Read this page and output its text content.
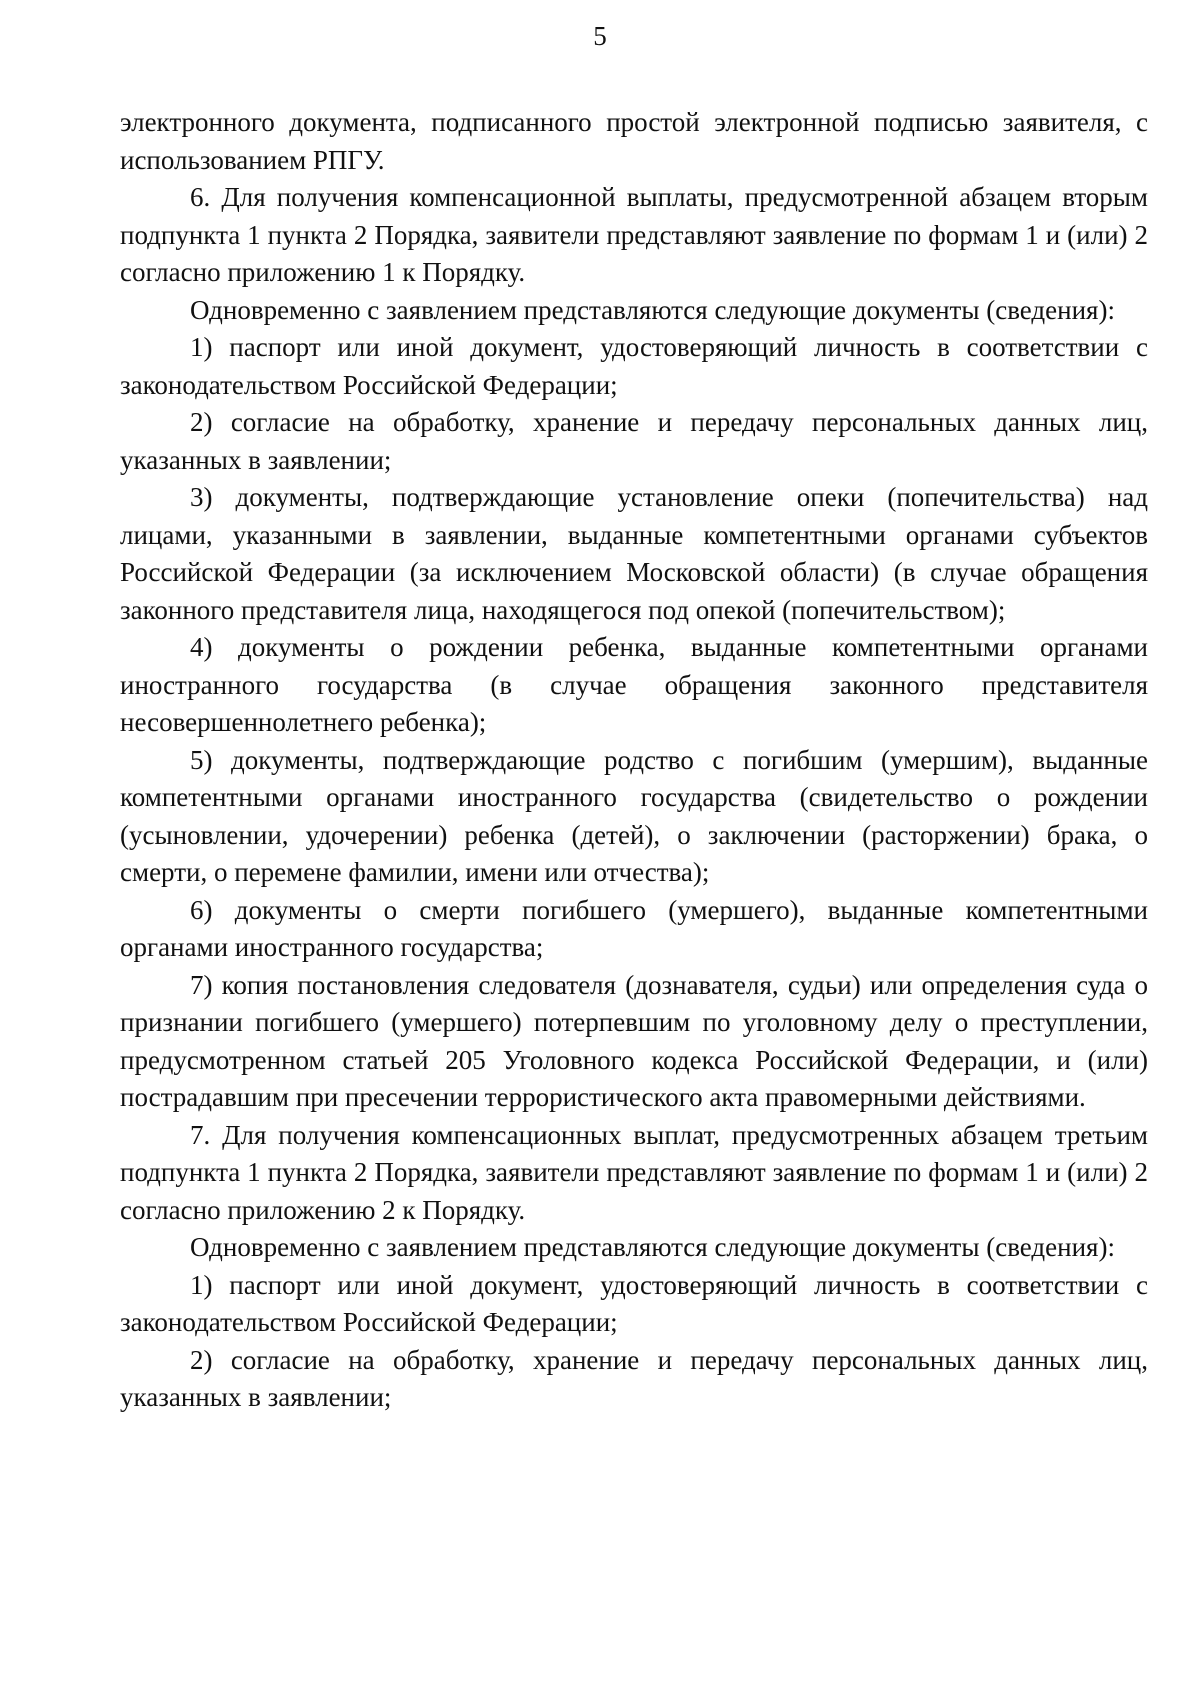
5

электронного документа, подписанного простой электронной подписью заявителя, с использованием РПГУ.

6. Для получения компенсационной выплаты, предусмотренной абзацем вторым подпункта 1 пункта 2 Порядка, заявители представляют заявление по формам 1 и (или) 2 согласно приложению 1 к Порядку.

Одновременно с заявлением представляются следующие документы (сведения):

1) паспорт или иной документ, удостоверяющий личность в соответствии с законодательством Российской Федерации;

2) согласие на обработку, хранение и передачу персональных данных лиц, указанных в заявлении;

3) документы, подтверждающие установление опеки (попечительства) над лицами, указанными в заявлении, выданные компетентными органами субъектов Российской Федерации (за исключением Московской области) (в случае обращения законного представителя лица, находящегося под опекой (попечительством);

4) документы о рождении ребенка, выданные компетентными органами иностранного государства (в случае обращения законного представителя несовершеннолетнего ребенка);

5) документы, подтверждающие родство с погибшим (умершим), выданные компетентными органами иностранного государства (свидетельство о рождении (усыновлении, удочерении) ребенка (детей), о заключении (расторжении) брака, о смерти, о перемене фамилии, имени или отчества);

6) документы о смерти погибшего (умершего), выданные компетентными органами иностранного государства;

7) копия постановления следователя (дознавателя, судьи) или определения суда о признании погибшего (умершего) потерпевшим по уголовному делу о преступлении, предусмотренном статьей 205 Уголовного кодекса Российской Федерации, и (или) пострадавшим при пресечении террористического акта правомерными действиями.

7. Для получения компенсационных выплат, предусмотренных абзацем третьим подпункта 1 пункта 2 Порядка, заявители представляют заявление по формам 1 и (или) 2 согласно приложению 2 к Порядку.

Одновременно с заявлением представляются следующие документы (сведения):

1) паспорт или иной документ, удостоверяющий личность в соответствии с законодательством Российской Федерации;

2) согласие на обработку, хранение и передачу персональных данных лиц, указанных в заявлении;
